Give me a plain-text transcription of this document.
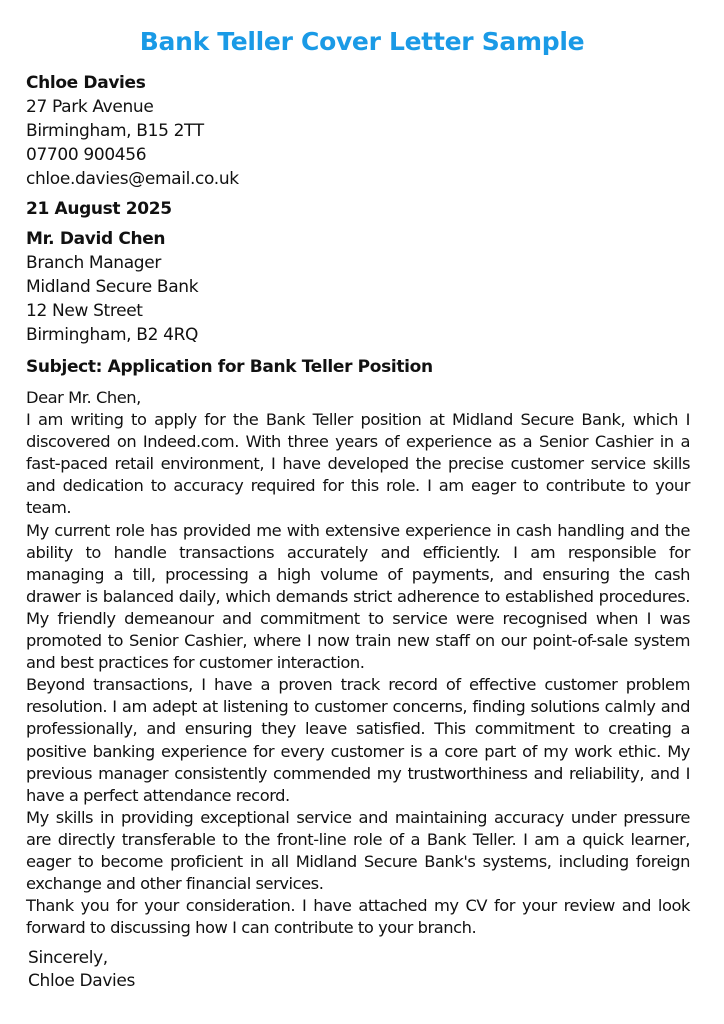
Bank Teller Cover Letter Sample
Chloe Davies
27 Park Avenue
Birmingham, B15 2TT
07700 900456
chloe.davies@email.co.uk
21 August 2025
Mr. David Chen
Branch Manager
Midland Secure Bank
12 New Street
Birmingham, B2 4RQ
Subject: Application for Bank Teller Position

Dear Mr. Chen,

I am writing to apply for the Bank Teller position at Midland Secure Bank, which I discovered on Indeed.com. With three years of experience as a Senior Cashier in a fast-paced retail environment, I have developed the precise customer service skills and dedication to accuracy required for this role. I am eager to contribute to your team.

My current role has provided me with extensive experience in cash handling and the ability to handle transactions accurately and efficiently. I am responsible for managing a till, processing a high volume of payments, and ensuring the cash drawer is balanced daily, which demands strict adherence to established procedures. My friendly demeanour and commitment to service were recognised when I was promoted to Senior Cashier, where I now train new staff on our point-of-sale system and best practices for customer interaction.

Beyond transactions, I have a proven track record of effective customer problem resolution. I am adept at listening to customer concerns, finding solutions calmly and professionally, and ensuring they leave satisfied. This commitment to creating a positive banking experience for every customer is a core part of my work ethic. My previous manager consistently commended my trustworthiness and reliability, and I have a perfect attendance record.

My skills in providing exceptional service and maintaining accuracy under pressure are directly transferable to the front-line role of a Bank Teller. I am a quick learner, eager to become proficient in all Midland Secure Bank's systems, including foreign exchange and other financial services.

Thank you for your consideration. I have attached my CV for your review and look forward to discussing how I can contribute to your branch.

Sincerely,
Chloe Davies
